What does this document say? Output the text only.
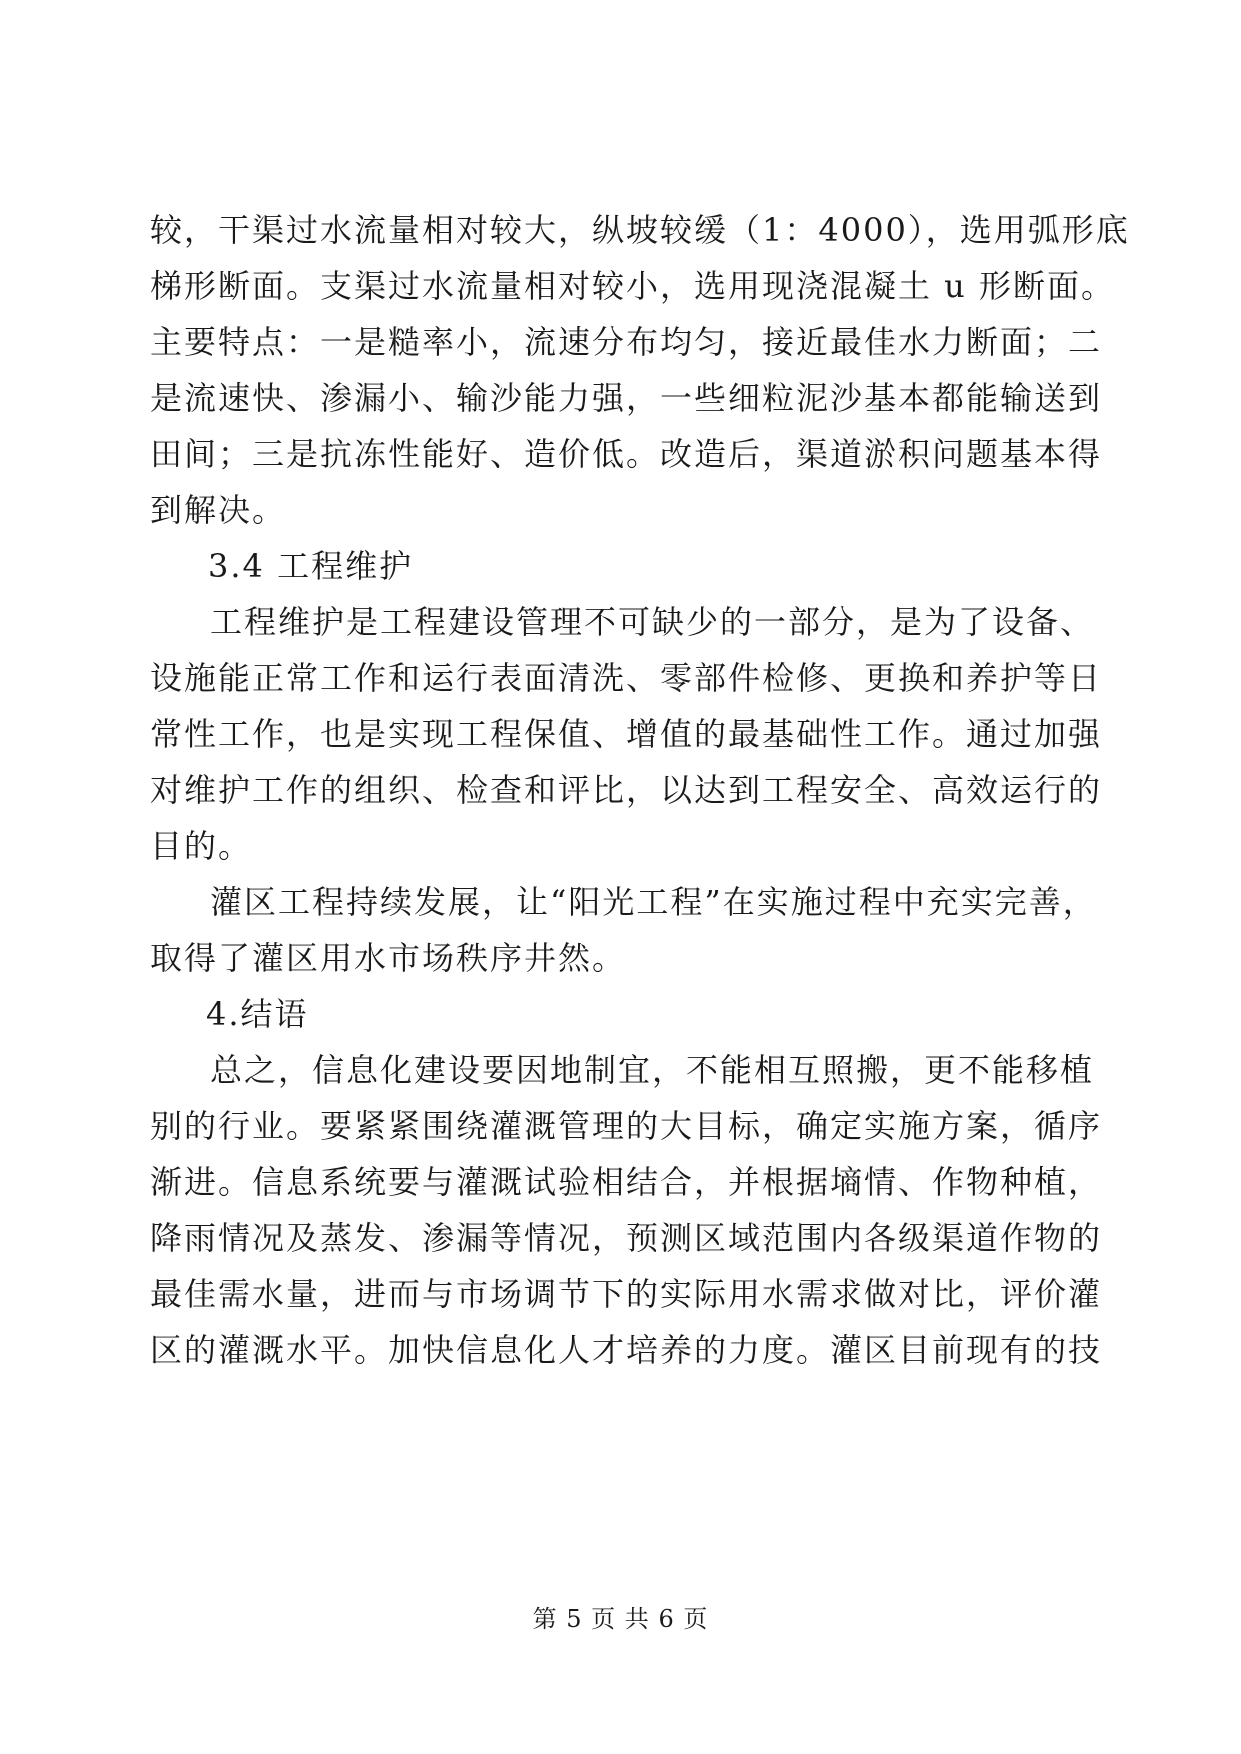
较，干渠过水流量相对较大，纵坡较缓（1：4000），选用弧形底
梯形断面。支渠过水流量相对较小，选用现浇混凝土 u 形断面。
主要特点：一是糙率小，流速分布均匀，接近最佳水力断面；二
是流速快、渗漏小、输沙能力强，一些细粒泥沙基本都能输送到
田间；三是抗冻性能好、造价低。改造后，渠道淤积问题基本得
到解决。
3.4 工程维护
工程维护是工程建设管理不可缺少的一部分，是为了设备、
设施能正常工作和运行表面清洗、零部件检修、更换和养护等日
常性工作，也是实现工程保值、增值的最基础性工作。通过加强
对维护工作的组织、检查和评比，以达到工程安全、高效运行的
目的。
灌区工程持续发展，让“阳光工程”在实施过程中充实完善，
取得了灌区用水市场秩序井然。
4.结语
总之，信息化建设要因地制宜，不能相互照搬，更不能移植
别的行业。要紧紧围绕灌溉管理的大目标，确定实施方案，循序
渐进。信息系统要与灌溉试验相结合，并根据墒情、作物种植，
降雨情况及蒸发、渗漏等情况，预测区域范围内各级渠道作物的
最佳需水量，进而与市场调节下的实际用水需求做对比，评价灌
区的灌溉水平。加快信息化人才培养的力度。灌区目前现有的技
第 5 页 共 6 页
